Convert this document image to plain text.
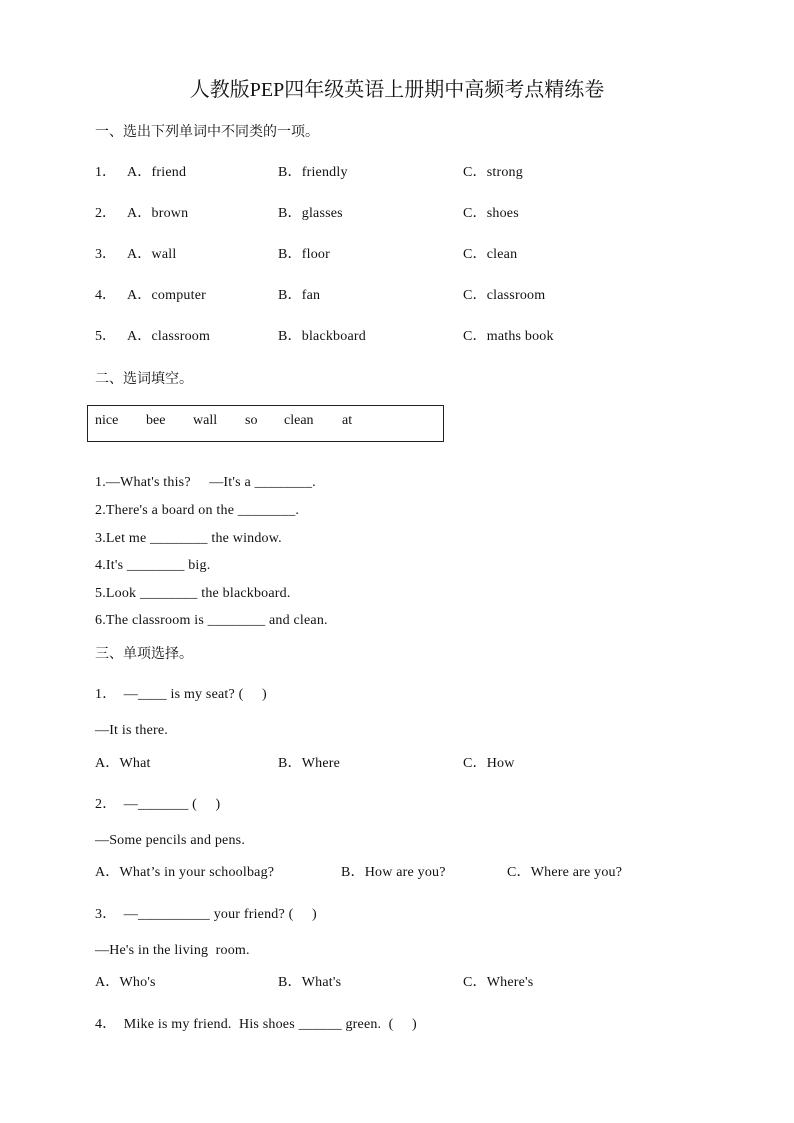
人教版PEP四年级英语上册期中高频考点精练卷
一、选出下列单词中不同类的一项。
1． A．friend	B．friendly	C．strong
2． A．brown	B．glasses	C．shoes
3． A．wall	B．floor	C．clean
4． A．computer	B．fan	C．classroom
5． A．classroom	B．blackboard	C．maths book
二、选词填空。
nice bee wall so clean at
1.—What's this?     —It's a ________.
2.There's a board on the ________.
3.Let me ________ the window.
4.It's ________ big.
5.Look ________ the blackboard.
6.The classroom is ________ and clean.
三、单项选择。
1．  —____ is my seat? (     )
—It is there.
A．What	B．Where	C．How
2．  —_______ (     )
—Some pencils and pens.
A．What’s in your schoolbag?	B．How are you?	C．Where are you?
3．  —__________ your friend? (     )
—He's in the living  room.
A．Who's	B．What's	C．Where's
4．  Mike is my friend.  His shoes ______ green.  (     )
